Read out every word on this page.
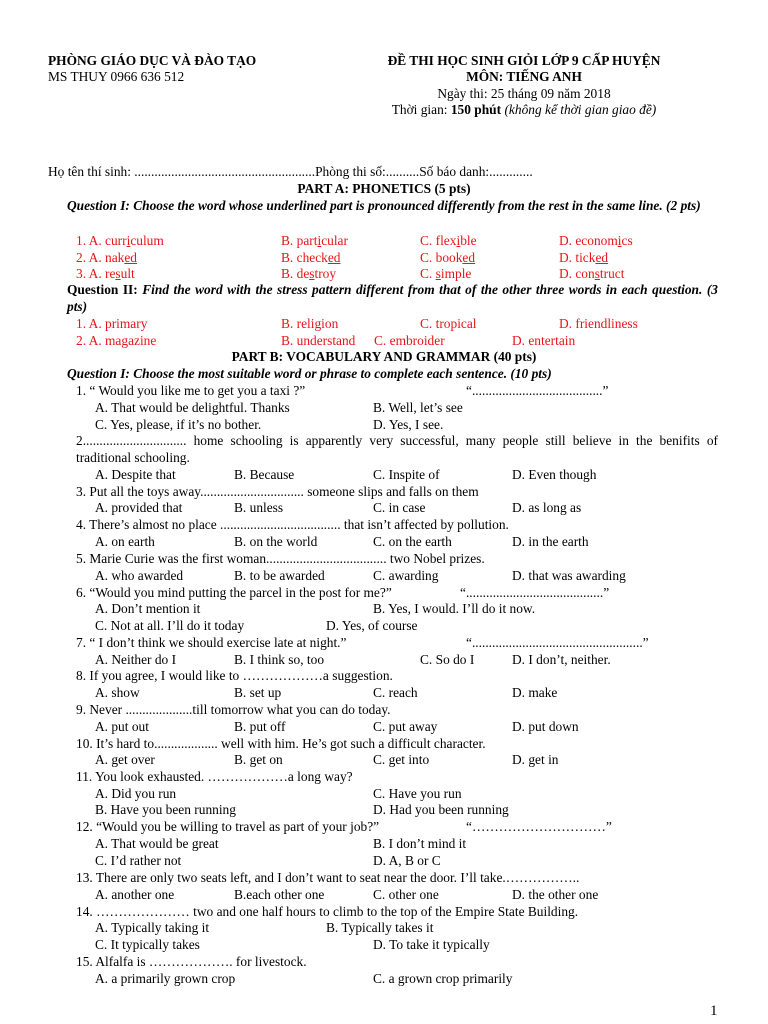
PHÒNG GIÁO DỤC VÀ ĐÀO TẠO
MS THUY 0966 636 512
ĐỀ THI HỌC SINH GIỎI LỚP 9 CẤP HUYỆN
MÔN: TIẾNG ANH
Ngày thi: 25 tháng 09 năm 2018
Thời gian: 150 phút (không kể thời gian giao đề)
Họ tên thí sinh: ......................................................Phòng thi số:..........Số báo danh:.............
PART A: PHONETICS (5 pts)
Question I: Choose the word whose underlined part is pronounced differently from the rest in the same line. (2 pts)
1. A. curriculum	B. particular	C. flexible	D. economics
2. A. naked	B. checked	C. booked	D. ticked
3. A. result	B. destroy	C. simple	D. construct
Question II: Find the word with the stress pattern different from that of the other three words in each question. (3 pts)
1. A. primary	B. religion	C. tropical	D. friendliness
2. A. magazine	B. understand C. embroider	D. entertain
PART B: VOCABULARY AND GRAMMAR (40 pts)
Question I: Choose the most suitable word or phrase to complete each sentence. (10 pts)
1. “ Would you like me to get you a taxi ?”	“.......................................”
A. That would be delightful. Thanks	B. Well, let’s see
C. Yes, please, if it’s no bother.	D. Yes, I see.
2............................... home schooling is apparently very successful, many people still believe in the benifits of traditional schooling.
A. Despite that	B. Because	C. Inspite of	D. Even though
3. Put all the toys away............................... someone slips and falls on them
A. provided that	B. unless	C. in case	D. as long as
4. There’s almost no place .................................... that isn’t affected by pollution.
A. on earth	B. on the world	C. on the earth	D. in the earth
5. Marie Curie was the first woman.................................... two Nobel prizes.
A. who awarded	B. to be awarded	C. awarding	D. that was awarding
6. “Would you mind putting the parcel in the post for me?”	“.........................................”
A. Don’t mention it	B. Yes, I would. I’ll do it now.
C. Not at all. I’ll do it today	D. Yes, of course
7. “ I don’t think we should exercise late at night.”	“...................................................”
A. Neither do I	B. I think so, too	C. So do I	D. I don’t, neither.
8. If you agree, I would like to ………………a suggestion.
A. show	B. set up	C. reach	D. make
9. Never ....................till tomorrow what you can do today.
A. put out	B. put off	C. put away	D. put down
10. It’s hard to................... well with him. He’s got such a difficult character.
A. get over	B. get on	C. get into	D. get in
11. You look exhausted. ………………a long way?
A. Did you run	C. Have you run
B. Have you been running	D. Had you been running
12. “Would you be willing to travel as part of your job?”	“…………………………”
A. That would be great	B. I don’t mind it
C. I’d rather not	D. A, B or C
13. There are only two seats left, and I don’t want to seat near the door. I’ll take.……………..
A. another one	B.each other one	C. other one	D. the other one
14. ………………… two and one half hours to climb to the top of the Empire State Building.
A. Typically taking it	B. Typically takes it
C. It typically takes	D. To take it typically
15. Alfalfa is ………………. for livestock.
A. a primarily grown crop	C. a grown crop primarily
1
